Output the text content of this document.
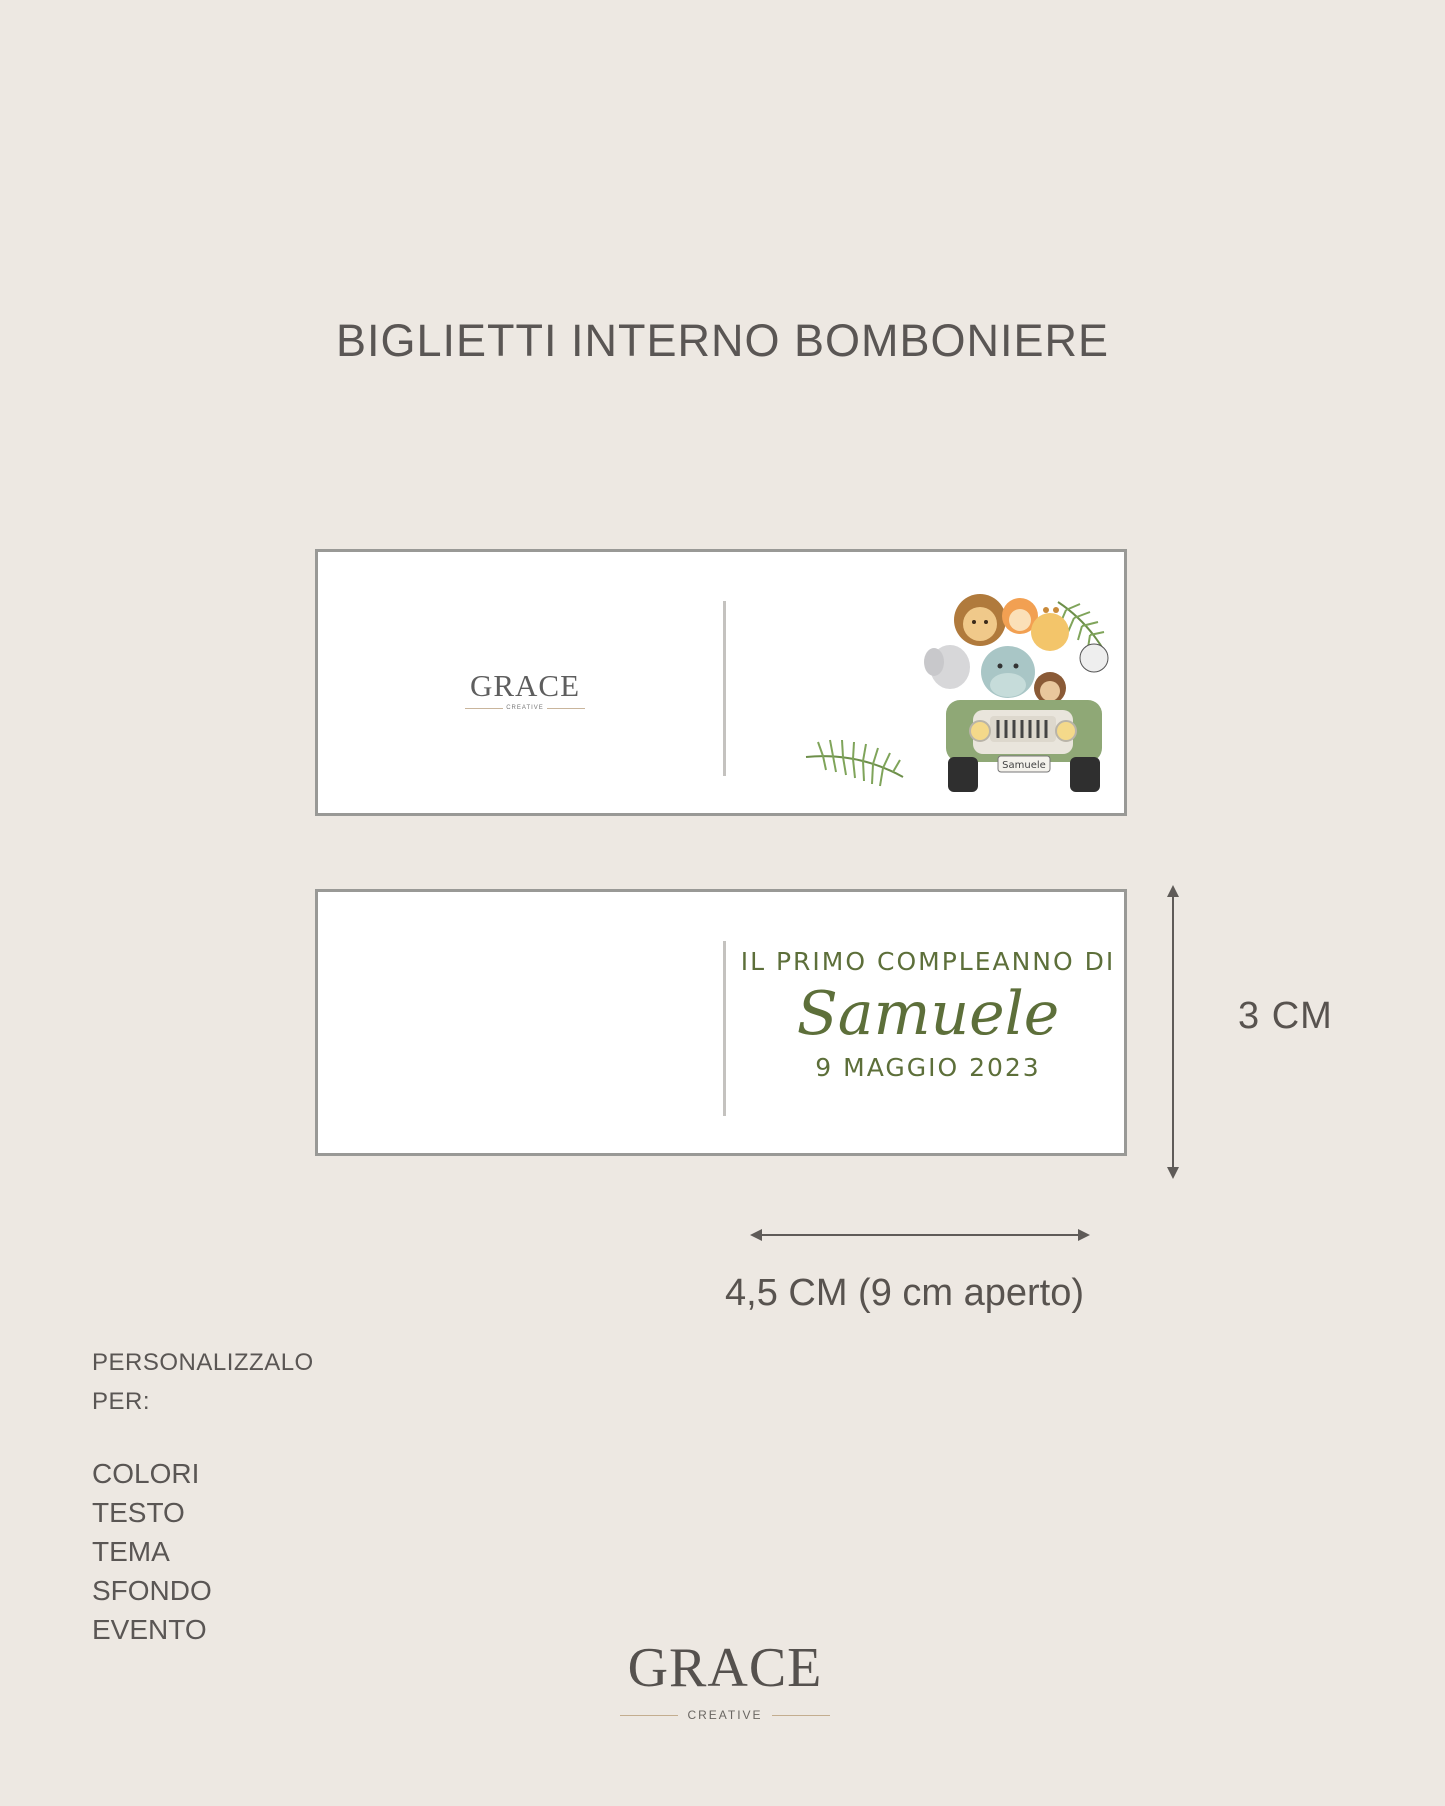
BIGLIETTI INTERNO BOMBONIERE
GRACE
CREATIVE
Samuele
IL PRIMO COMPLEANNO DI
Samuele
9 MAGGIO 2023
3 CM
4,5 CM (9 cm aperto)
PERSONALIZZALO
PER:
COLORI
TESTO
TEMA
SFONDO
EVENTO
GRACE
CREATIVE
